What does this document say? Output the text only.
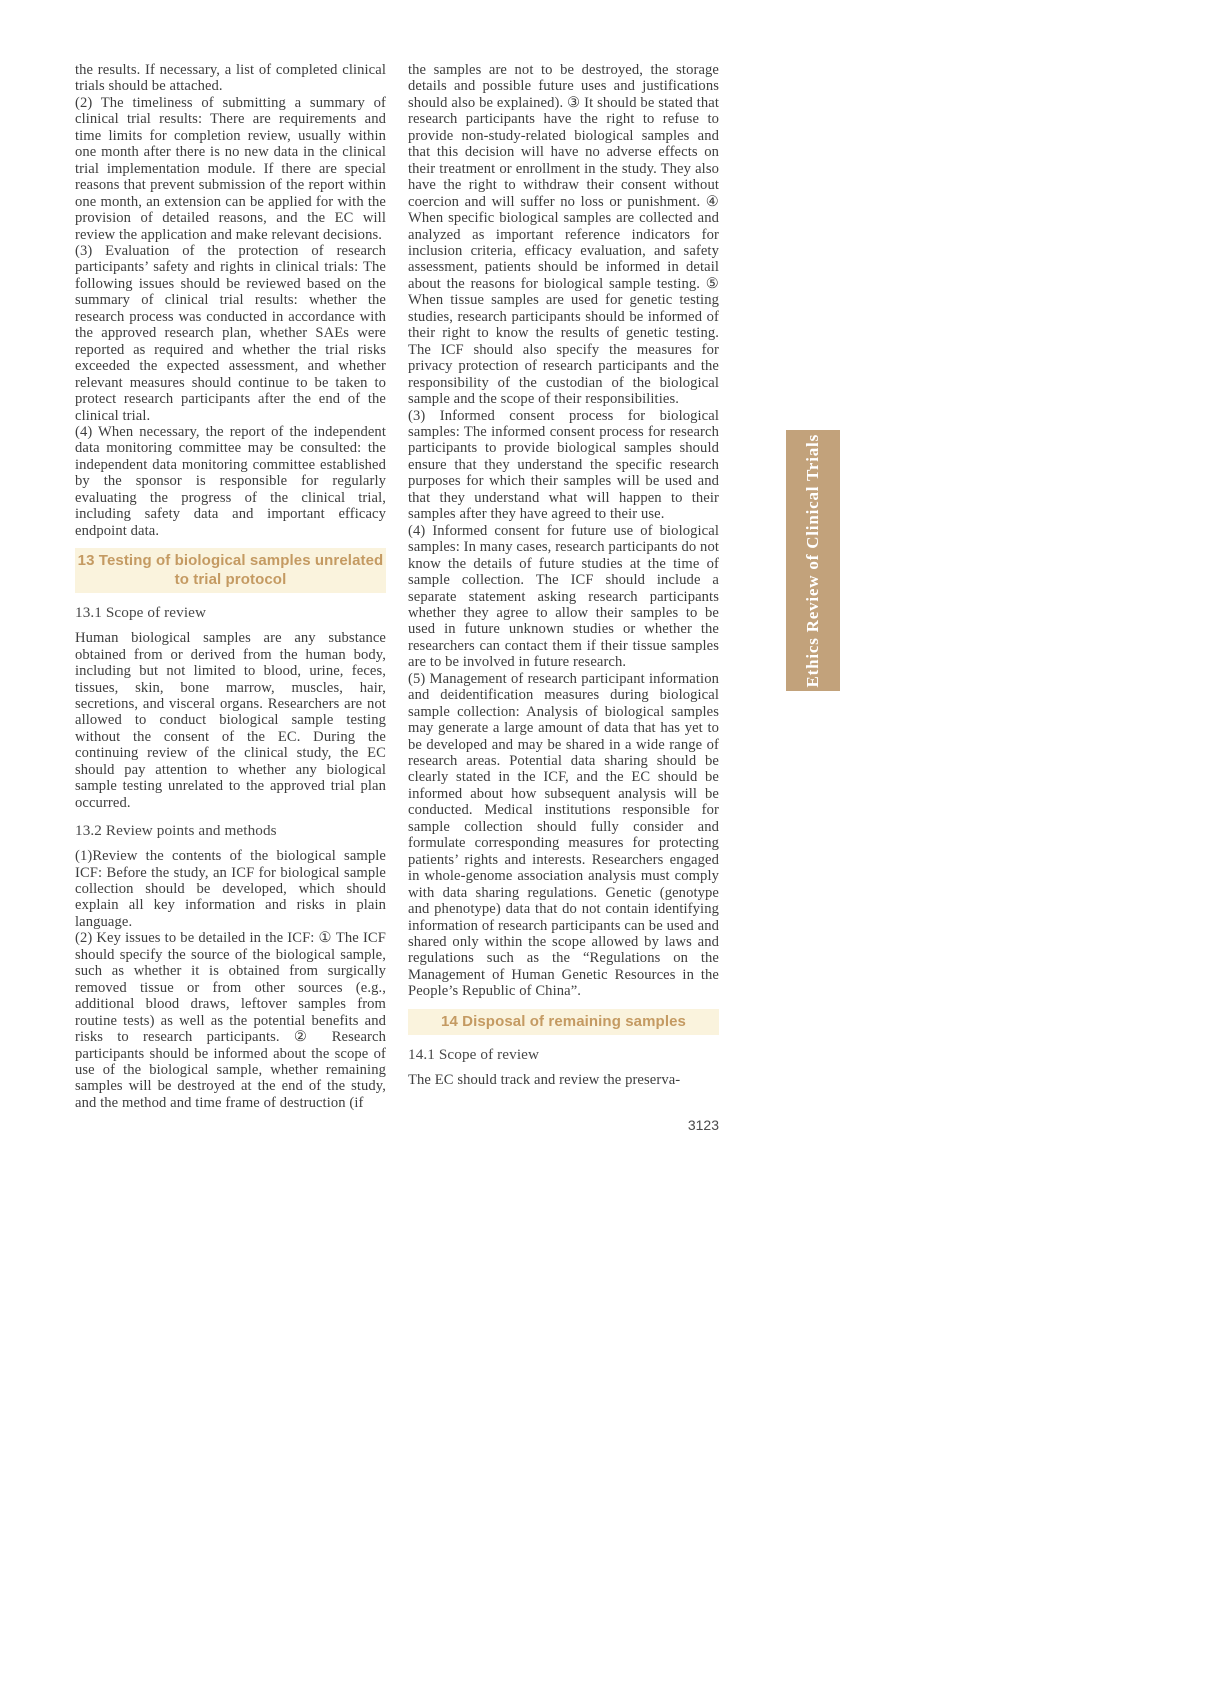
the results. If necessary, a list of completed clinical trials should be attached.

(2) The timeliness of submitting a summary of clinical trial results: There are requirements and time limits for completion review, usually within one month after there is no new data in the clinical trial implementation module. If there are special reasons that prevent submission of the report within one month, an extension can be applied for with the provision of detailed reasons, and the EC will review the application and make relevant decisions.

(3) Evaluation of the protection of research participants’ safety and rights in clinical trials: The following issues should be reviewed based on the summary of clinical trial results: whether the research process was conducted in accordance with the approved research plan, whether SAEs were reported as required and whether the trial risks exceeded the expected assessment, and whether relevant measures should continue to be taken to protect research participants after the end of the clinical trial.

(4) When necessary, the report of the independent data monitoring committee may be consulted: the independent data monitoring committee established by the sponsor is responsible for regularly evaluating the progress of the clinical trial, including safety data and important efficacy endpoint data.

13 Testing of biological samples unrelated to trial protocol
13.1 Scope of review

Human biological samples are any substance obtained from or derived from the human body, including but not limited to blood, urine, feces, tissues, skin, bone marrow, muscles, hair, secretions, and visceral organs. Researchers are not allowed to conduct biological sample testing without the consent of the EC. During the continuing review of the clinical study, the EC should pay attention to whether any biological sample testing unrelated to the approved trial plan occurred.

13.2 Review points and methods

(1)Review the contents of the biological sample ICF: Before the study, an ICF for biological sample collection should be developed, which should explain all key information and risks in plain language.

(2) Key issues to be detailed in the ICF: ① The ICF should specify the source of the biological sample, such as whether it is obtained from surgically removed tissue or from other sources (e.g., additional blood draws, leftover samples from routine tests) as well as the potential benefits and risks to research participants. ② Research participants should be informed about the scope of use of the biological sample, whether remaining samples will be destroyed at the end of the study, and the method and time frame of destruction (if

the samples are not to be destroyed, the storage details and possible future uses and justifications should also be explained). ③ It should be stated that research participants have the right to refuse to provide non-study-related biological samples and that this decision will have no adverse effects on their treatment or enrollment in the study. They also have the right to withdraw their consent without coercion and will suffer no loss or punishment. ④ When specific biological samples are collected and analyzed as important reference indicators for inclusion criteria, efficacy evaluation, and safety assessment, patients should be informed in detail about the reasons for biological sample testing. ⑤ When tissue samples are used for genetic testing studies, research participants should be informed of their right to know the results of genetic testing. The ICF should also specify the measures for privacy protection of research participants and the responsibility of the custodian of the biological sample and the scope of their responsibilities.

(3) Informed consent process for biological samples: The informed consent process for research participants to provide biological samples should ensure that they understand the specific research purposes for which their samples will be used and that they understand what will happen to their samples after they have agreed to their use.

(4) Informed consent for future use of biological samples: In many cases, research participants do not know the details of future studies at the time of sample collection. The ICF should include a separate statement asking research participants whether they agree to allow their samples to be used in future unknown studies or whether the researchers can contact them if their tissue samples are to be involved in future research.

(5) Management of research participant information and deidentification measures during biological sample collection: Analysis of biological samples may generate a large amount of data that has yet to be developed and may be shared in a wide range of research areas. Potential data sharing should be clearly stated in the ICF, and the EC should be informed about how subsequent analysis will be conducted. Medical institutions responsible for sample collection should fully consider and formulate corresponding measures for protecting patients’ rights and interests. Researchers engaged in whole-genome association analysis must comply with data sharing regulations. Genetic (genotype and phenotype) data that do not contain identifying information of research participants can be used and shared only within the scope allowed by laws and regulations such as the “Regulations on the Management of Human Genetic Resources in the People’s Republic of China”.

14 Disposal of remaining samples
14.1 Scope of review

The EC should track and review the preserva-

Ethics Review of Clinical Trials
3123
